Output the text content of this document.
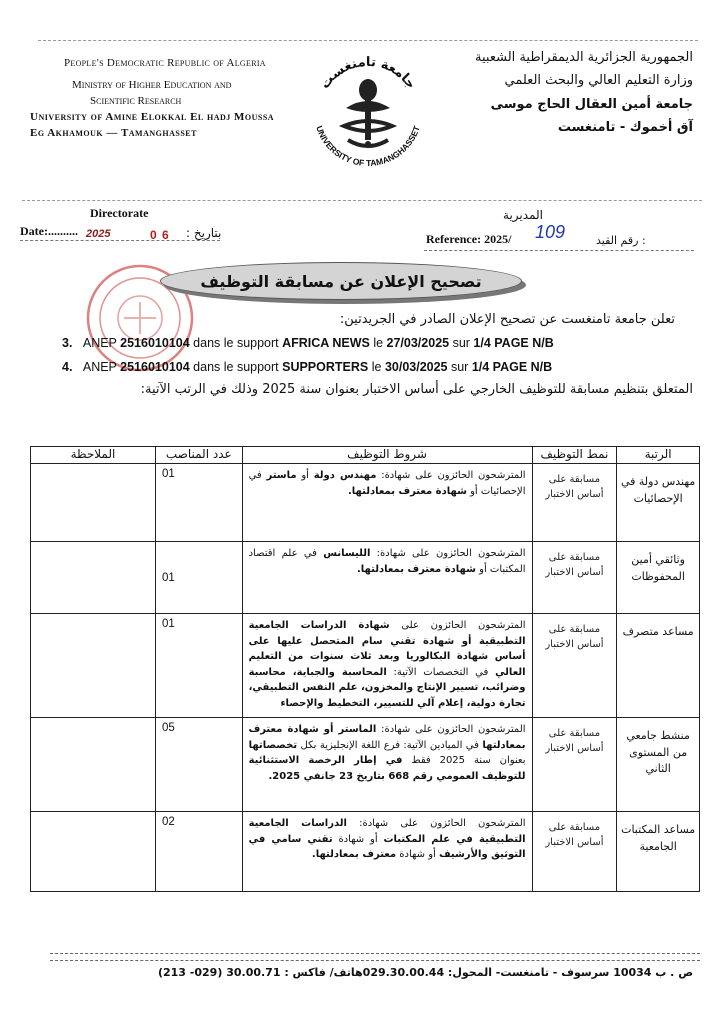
People's Democratic Republic of Algeria
Ministry of Higher Education and
Scientific Research
University of Amine Elokkal El hadj Moussa
Eg Akhamouk — Tamanghasset
جامعة تامنغست
UNIVERSITY OF TAMANGHASSET
الجمهورية الجزائرية الديمقراطية الشعبية
وزارة التعليم العالي والبحث العلمي
جامعة أمين العقال الحاج موسى
آق أخموك - تامنغست
Directorate	المديرية
Date:.......... 2025	0 6 : بتاريخ	Reference: 2025/ 109	رقم القيد :
تصحيح الإعلان عن مسابقة التوظيف
تعلن جامعة تامنغست عن تصحيح الإعلان الصادر في الجريدتين:
3. ANEP 2516010104 dans le support AFRICA NEWS le 27/03/2025 sur 1/4 PAGE N/B
4. ANEP 2516010104 dans le support SUPPORTERS le 30/03/2025 sur 1/4 PAGE N/B
المتعلق بتنظيم مسابقة للتوظيف الخارجي على أساس الاختبار بعنوان سنة 2025 وذلك في الرتب الآتية:
الرتبة	نمط التوظيف	شروط التوظيف	عدد المناصب	الملاحظة
مهندس دولة في الإحصائيات	مسابقة على أساس الاختبار	المترشحون الحائزون على شهادة: مهندس دولة أو ماستر في الإحصائيات أو شهادة معترف بمعادلتها.	01	
وثائقي أمين المحفوظات	مسابقة على أساس الاختبار	المترشحون الحائزون على شهادة: الليسانس في علم اقتصاد المكتبات أو شهادة معترف بمعادلتها.	01	
مساعد متصرف	مسابقة على أساس الاختبار	المترشحون الحائزون على شهادة الدراسات الجامعية التطبيقية أو شهادة تقني سام المتحصل عليها على أساس شهادة البكالوريا وبعد ثلاث سنوات من التعليم العالي في التخصصات الآتية: المحاسبة والجباية، محاسبة وضرائب، تسيير الإنتاج والمخزون، علم النفس التطبيقي، تجارة دولية، إعلام آلي للتسيير، التخطيط والإحصاء	01	
منشط جامعي من المستوى الثاني	مسابقة على أساس الاختبار	المترشحون الحائزون على شهادة: الماستر أو شهادة معترف بمعادلتها في الميادين الآتية: فرع اللغة الإنجليزية بكل تخصصاتها بعنوان سنة 2025 فقط في إطار الرخصة الاستثنائية للتوظيف العمومي رقم 668 بتاريخ 23 جانفي 2025.	05	
مساعد المكتبات الجامعية	مسابقة على أساس الاختبار	المترشحون الحائزون على شهادة: الدراسات الجامعية التطبيقية في علم المكتبات أو شهادة تقني سامي في التوثيق والأرشيف أو شهادة معترف بمعادلتها.	02	
ص . ب 10034 سرسوف - تامنغست- المحول: 029.30.00.44هاتف/ فاكس : 30.00.71 (029- 213)
